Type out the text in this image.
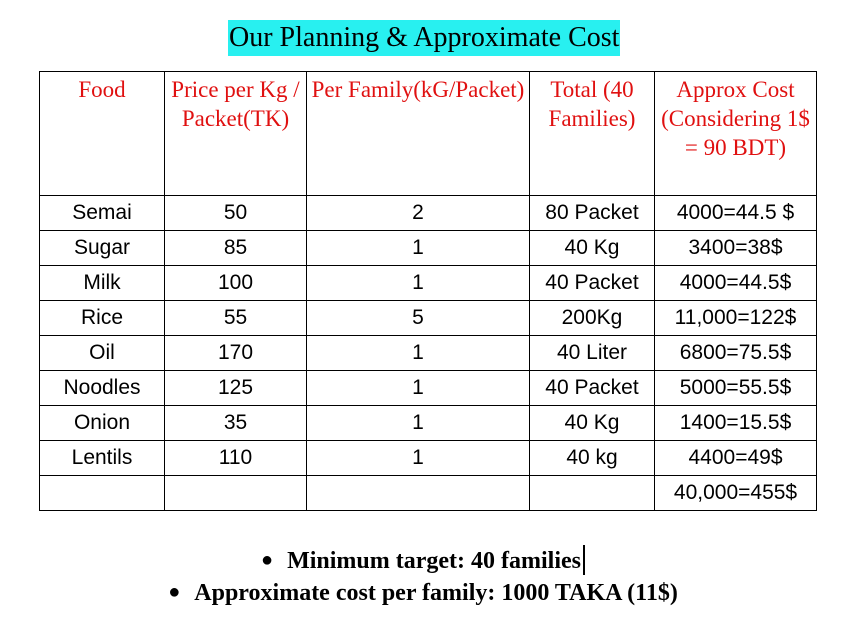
Our Planning & Approximate Cost
Food	Price per Kg / Packet(TK)	Per Family(kG/Packet)	Total (40 Families)	Approx Cost (Considering 1$ = 90 BDT)
Semai	50	2	80 Packet	4000=44.5 $
Sugar	85	1	40 Kg	3400=38$
Milk	100	1	40 Packet	4000=44.5$
Rice	55	5	200Kg	11,000=122$
Oil	170	1	40 Liter	6800=75.5$
Noodles	125	1	40 Packet	5000=55.5$
Onion	35	1	40 Kg	1400=15.5$
Lentils	110	1	40 kg	4400=49$
				40,000=455$
● Minimum target: 40 families
● Approximate cost per family: 1000 TAKA (11$)
